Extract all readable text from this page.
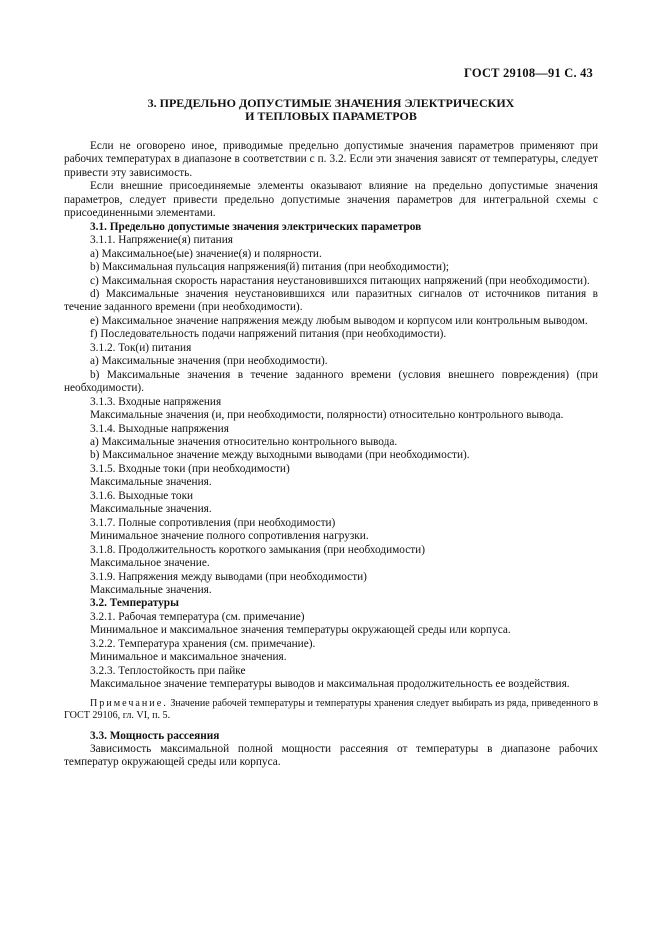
ГОСТ 29108—91 С. 43
3. ПРЕДЕЛЬНО ДОПУСТИМЫЕ ЗНАЧЕНИЯ ЭЛЕКТРИЧЕСКИХ
И ТЕПЛОВЫХ ПАРАМЕТРОВ

Если не оговорено иное, приводимые предельно допустимые значения параметров применяют при рабочих температурах в диапазоне в соответствии с п. 3.2. Если эти значения зависят от температуры, следует привести эту зависимость.

Если внешние присоединяемые элементы оказывают влияние на предельно допустимые значения параметров, следует привести предельно допустимые значения параметров для интегральной схемы с присоединенными элементами.

3.1. Предельно допустимые значения электрических параметров

3.1.1. Напряжение(я) питания

а) Максимальное(ые) значение(я) и полярности.

b) Максимальная пульсация напряжения(й) питания (при необходимости);

с) Максимальная скорость нарастания неустановившихся питающих напряжений (при необходимости).

d) Максимальные значения неустановившихся или паразитных сигналов от источников питания в течение заданного времени (при необходимости).

е) Максимальное значение напряжения между любым выводом и корпусом или контрольным выводом.

f) Последовательность подачи напряжений питания (при необходимости).

3.1.2. Ток(и) питания

а) Максимальные значения (при необходимости).

b) Максимальные значения в течение заданного времени (условия внешнего повреждения) (при необходимости).

3.1.3. Входные напряжения

Максимальные значения (и, при необходимости, полярности) относительно контрольного вывода.

3.1.4. Выходные напряжения

а) Максимальные значения относительно контрольного вывода.

b) Максимальное значение между выходными выводами (при необходимости).

3.1.5. Входные токи (при необходимости)

Максимальные значения.

3.1.6. Выходные токи

Максимальные значения.

3.1.7. Полные сопротивления (при необходимости)

Минимальное значение полного сопротивления нагрузки.

3.1.8. Продолжительность короткого замыкания (при необходимости)

Максимальное значение.

3.1.9. Напряжения между выводами (при необходимости)

Максимальные значения.

3.2. Температуры

3.2.1. Рабочая температура (см. примечание)

Минимальное и максимальное значения температуры окружающей среды или корпуса.

3.2.2. Температура хранения (см. примечание).

Минимальное и максимальное значения.

3.2.3. Теплостойкость при пайке

Максимальное значение температуры выводов и максимальная продолжительность ее воздействия.

Примечание. Значение рабочей температуры и температуры хранения следует выбирать из ряда, приведенного в ГОСТ 29106, гл. VI, п. 5.

3.3. Мощность рассеяния

Зависимость максимальной полной мощности рассеяния от температуры в диапазоне рабочих температур окружающей среды или корпуса.
